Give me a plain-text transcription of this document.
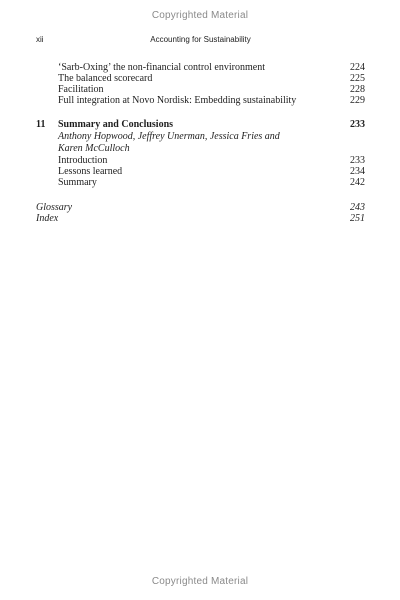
Copyrighted Material
xii	Accounting for Sustainability
‘Sarb-Oxing’ the non-financial control environment	224
The balanced scorecard	225
Facilitation	228
Full integration at Novo Nordisk: Embedding sustainability	229
11 Summary and Conclusions	233
Anthony Hopwood, Jeffrey Unerman, Jessica Fries and
Karen McCulloch
Introduction	233
Lessons learned	234
Summary	242
Glossary	243
Index	251
Copyrighted Material
